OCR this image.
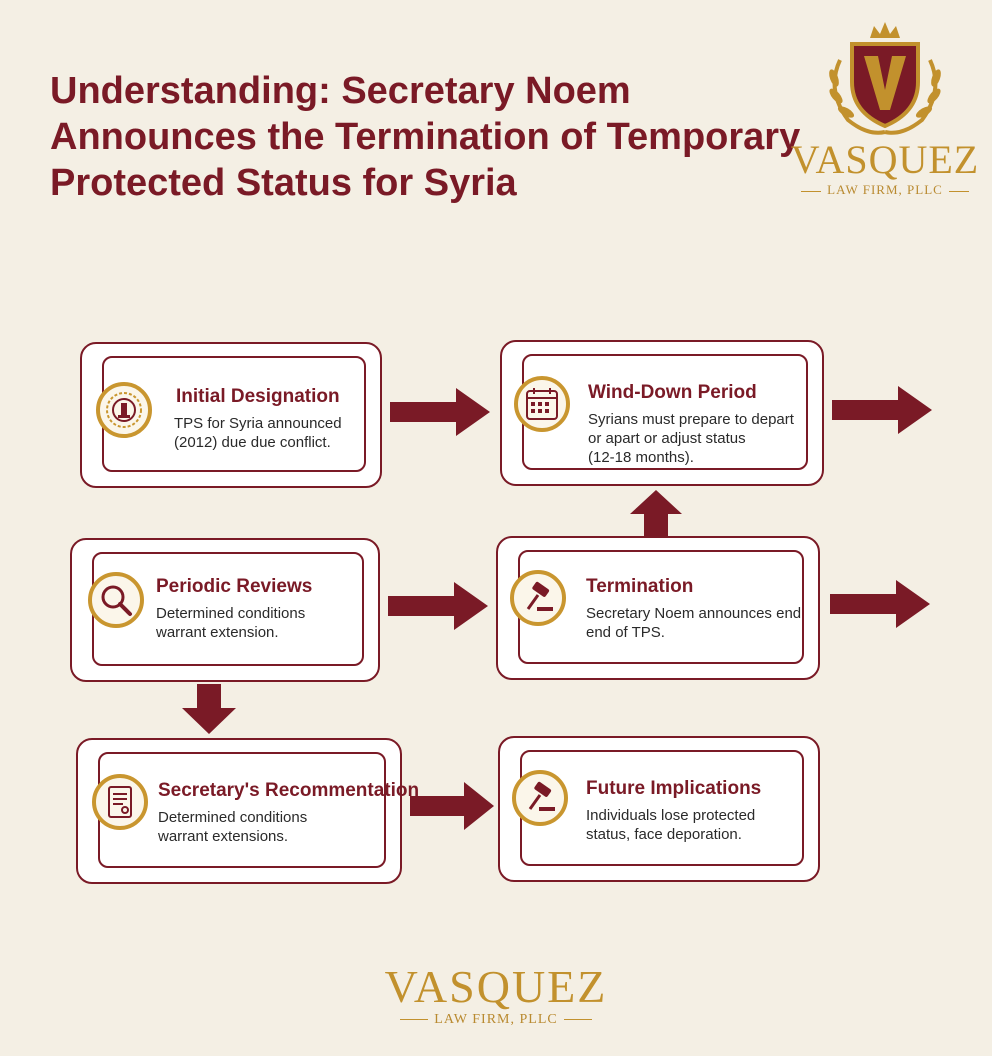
Understanding: Secretary Noem
Announces the Termination of Temporary
Protected Status for Syria
VASQUEZ
LAW FIRM, PLLC
Initial Designation

TPS for Syria announced
(2012) due due conflict.

Wind-Down Period

Syrians must prepare to depart
or apart or adjust status
(12-18 months).

Periodic Reviews

Determined conditions
warrant extension.

Termination

Secretary Noem announces end
end of TPS.

Secretary's Recommentation

Determined conditions
warrant extensions.

Future Implications

Individuals lose protected
status, face deporation.

VASQUEZ
LAW FIRM, PLLC
